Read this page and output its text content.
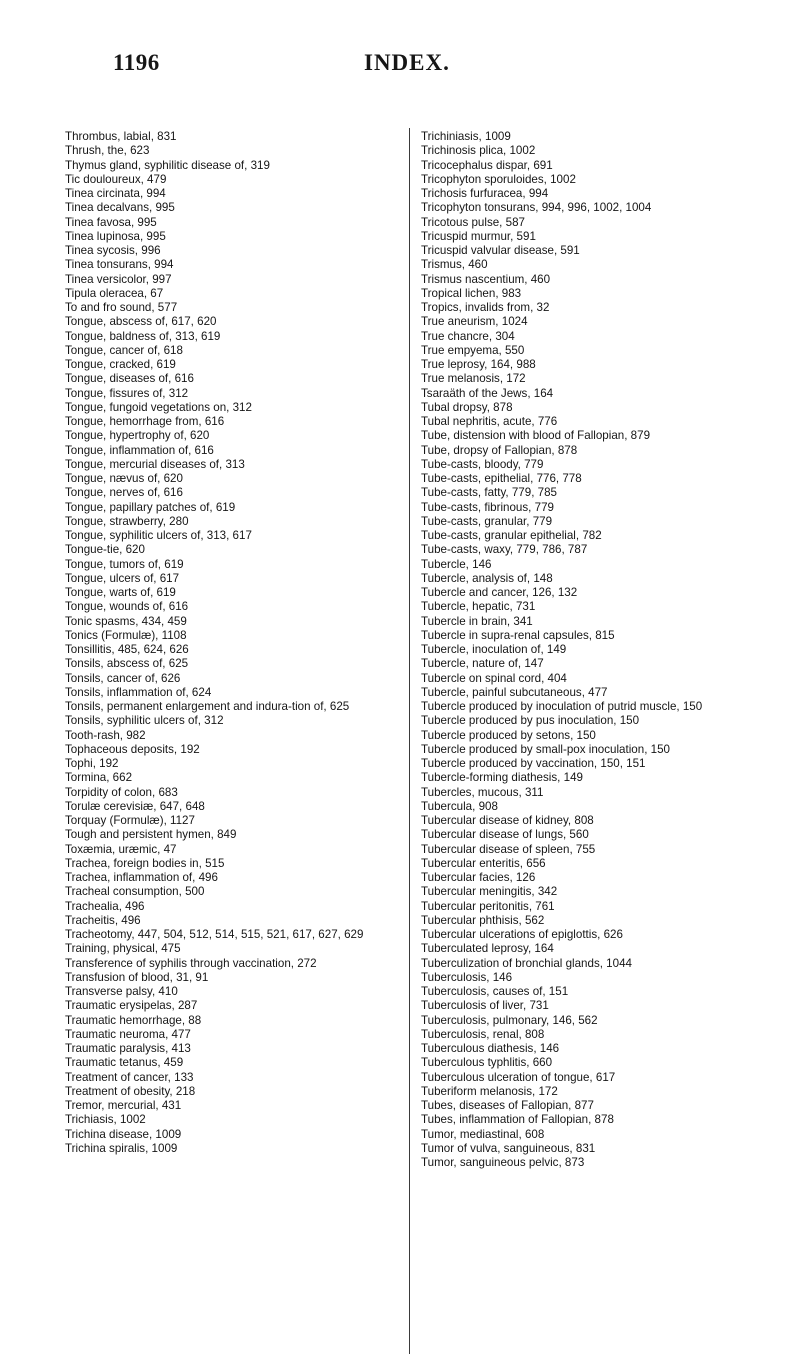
1196	INDEX.
Thrombus, labial, 831
Thrush, the, 623
Thymus gland, syphilitic disease of, 319
Tic douloureux, 479
Tinea circinata, 994
Tinea decalvans, 995
Tinea favosa, 995
Tinea lupinosa, 995
Tinea sycosis, 996
Tinea tonsurans, 994
Tinea versicolor, 997
Tipula oleracea, 67
To and fro sound, 577
Tongue, abscess of, 617, 620
Tongue, baldness of, 313, 619
Tongue, cancer of, 618
Tongue, cracked, 619
Tongue, diseases of, 616
Tongue, fissures of, 312
Tongue, fungoid vegetations on, 312
Tongue, hemorrhage from, 616
Tongue, hypertrophy of, 620
Tongue, inflammation of, 616
Tongue, mercurial diseases of, 313
Tongue, nævus of, 620
Tongue, nerves of, 616
Tongue, papillary patches of, 619
Tongue, strawberry, 280
Tongue, syphilitic ulcers of, 313, 617
Tongue-tie, 620
Tongue, tumors of, 619
Tongue, ulcers of, 617
Tongue, warts of, 619
Tongue, wounds of, 616
Tonic spasms, 434, 459
Tonics (Formulæ), 1108
Tonsillitis, 485, 624, 626
Tonsils, abscess of, 625
Tonsils, cancer of, 626
Tonsils, inflammation of, 624
Tonsils, permanent enlargement and indura-tion of, 625
Tonsils, syphilitic ulcers of, 312
Tooth-rash, 982
Tophaceous deposits, 192
Tophi, 192
Tormina, 662
Torpidity of colon, 683
Torulæ cerevisiæ, 647, 648
Torquay (Formulæ), 1127
Tough and persistent hymen, 849
Toxæmia, uræmic, 47
Trachea, foreign bodies in, 515
Trachea, inflammation of, 496
Tracheal consumption, 500
Trachealia, 496
Tracheitis, 496
Tracheotomy, 447, 504, 512, 514, 515, 521, 617, 627, 629
Training, physical, 475
Transference of syphilis through vaccination, 272
Transfusion of blood, 31, 91
Transverse palsy, 410
Traumatic erysipelas, 287
Traumatic hemorrhage, 88
Traumatic neuroma, 477
Traumatic paralysis, 413
Traumatic tetanus, 459
Treatment of cancer, 133
Treatment of obesity, 218
Tremor, mercurial, 431
Trichiasis, 1002
Trichina disease, 1009
Trichina spiralis, 1009
Trichiniasis, 1009
Trichinosis plica, 1002
Tricocephalus dispar, 691
Tricophyton sporuloides, 1002
Trichosis furfuracea, 994
Tricophyton tonsurans, 994, 996, 1002, 1004
Tricotous pulse, 587
Tricuspid murmur, 591
Tricuspid valvular disease, 591
Trismus, 460
Trismus nascentium, 460
Tropical lichen, 983
Tropics, invalids from, 32
True aneurism, 1024
True chancre, 304
True empyema, 550
True leprosy, 164, 988
True melanosis, 172
Tsaraäth of the Jews, 164
Tubal dropsy, 878
Tubal nephritis, acute, 776
Tube, distension with blood of Fallopian, 879
Tube, dropsy of Fallopian, 878
Tube-casts, bloody, 779
Tube-casts, epithelial, 776, 778
Tube-casts, fatty, 779, 785
Tube-casts, fibrinous, 779
Tube-casts, granular, 779
Tube-casts, granular epithelial, 782
Tube-casts, waxy, 779, 786, 787
Tubercle, 146
Tubercle, analysis of, 148
Tubercle and cancer, 126, 132
Tubercle, hepatic, 731
Tubercle in brain, 341
Tubercle in supra-renal capsules, 815
Tubercle, inoculation of, 149
Tubercle, nature of, 147
Tubercle on spinal cord, 404
Tubercle, painful subcutaneous, 477
Tubercle produced by inoculation of putrid muscle, 150
Tubercle produced by pus inoculation, 150
Tubercle produced by setons, 150
Tubercle produced by small-pox inoculation, 150
Tubercle produced by vaccination, 150, 151
Tubercle-forming diathesis, 149
Tubercles, mucous, 311
Tubercula, 908
Tubercular disease of kidney, 808
Tubercular disease of lungs, 560
Tubercular disease of spleen, 755
Tubercular enteritis, 656
Tubercular facies, 126
Tubercular meningitis, 342
Tubercular peritonitis, 761
Tubercular phthisis, 562
Tubercular ulcerations of epiglottis, 626
Tuberculated leprosy, 164
Tuberculization of bronchial glands, 1044
Tuberculosis, 146
Tuberculosis, causes of, 151
Tuberculosis of liver, 731
Tuberculosis, pulmonary, 146, 562
Tuberculosis, renal, 808
Tuberculous diathesis, 146
Tuberculous typhlitis, 660
Tuberculous ulceration of tongue, 617
Tuberiform melanosis, 172
Tubes, diseases of Fallopian, 877
Tubes, inflammation of Fallopian, 878
Tumor, mediastinal, 608
Tumor of vulva, sanguineous, 831
Tumor, sanguineous pelvic, 873
